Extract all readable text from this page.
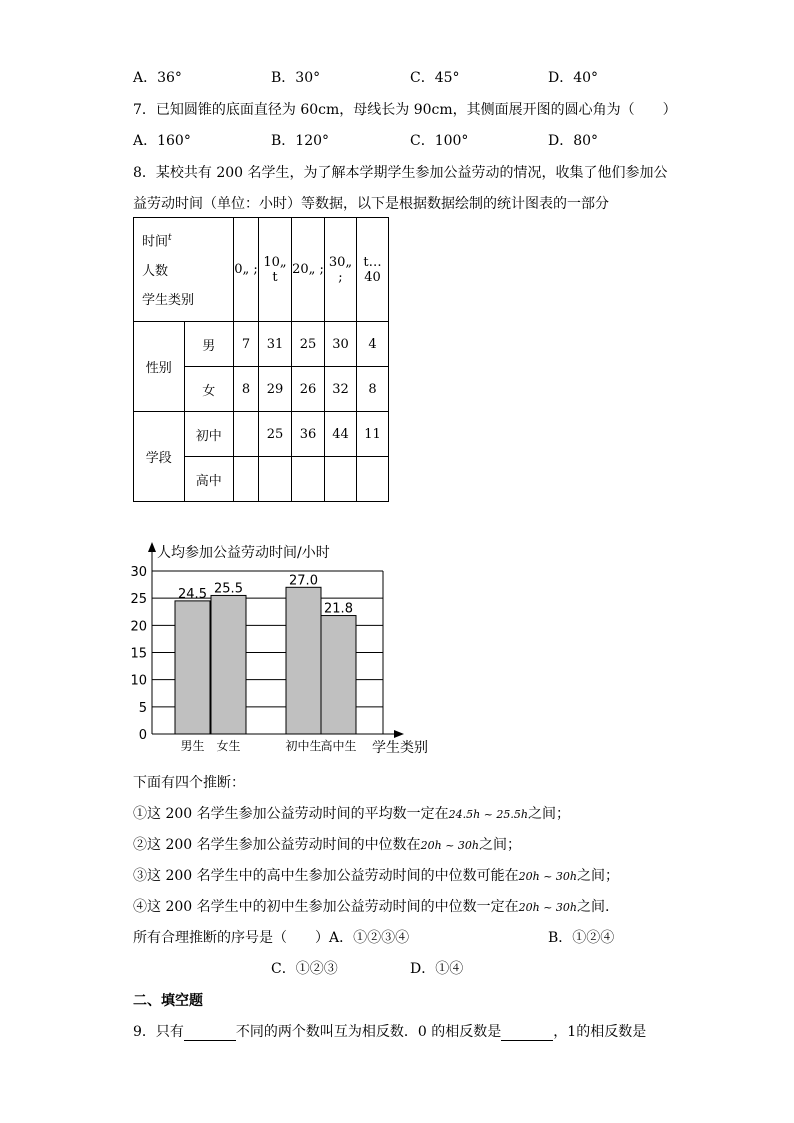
A．36°	B．30°	C．45°	D．40°
7．已知圆锥的底面直径为 60cm，母线长为 90cm，其侧面展开图的圆心角为（　　）
A．160°	B．120°	C．100°	D．80°
8．某校共有 200 名学生，为了解本学期学生参加公益劳动的情况，收集了他们参加公
益劳动时间（单位：小时）等数据，以下是根据数据绘制的统计图表的一部分
时间$^t$
人数
学生类别		0„ ;	10„ t	20„ ;	30„ ;	t… 40
性别	男	7	31	25	30	4
	女	8	29	26	32	8
学段	初中		25	36	44	11
	高中					
0
5
10
15
20
25
30
24.5
男生
25.5
女生
27.0
初中生
21.8
高中生
人均参加公益劳动时间/小时
学生类别
下面有四个推断：
①这 200 名学生参加公益劳动时间的平均数一定在24.5h ~ 25.5h之间；
②这 200 名学生参加公益劳动时间的中位数在20h ~ 30h之间；
③这 200 名学生中的高中生参加公益劳动时间的中位数可能在20h ~ 30h之间；
④这 200 名学生中的初中生参加公益劳动时间的中位数一定在20h ~ 30h之间.
所有合理推断的序号是（　　）A．①②③④	B．①②④
C．①②③	D．①④
二、填空题
9．只有	不同的两个数叫互为相反数．0 的相反数是	，1的相反数是
